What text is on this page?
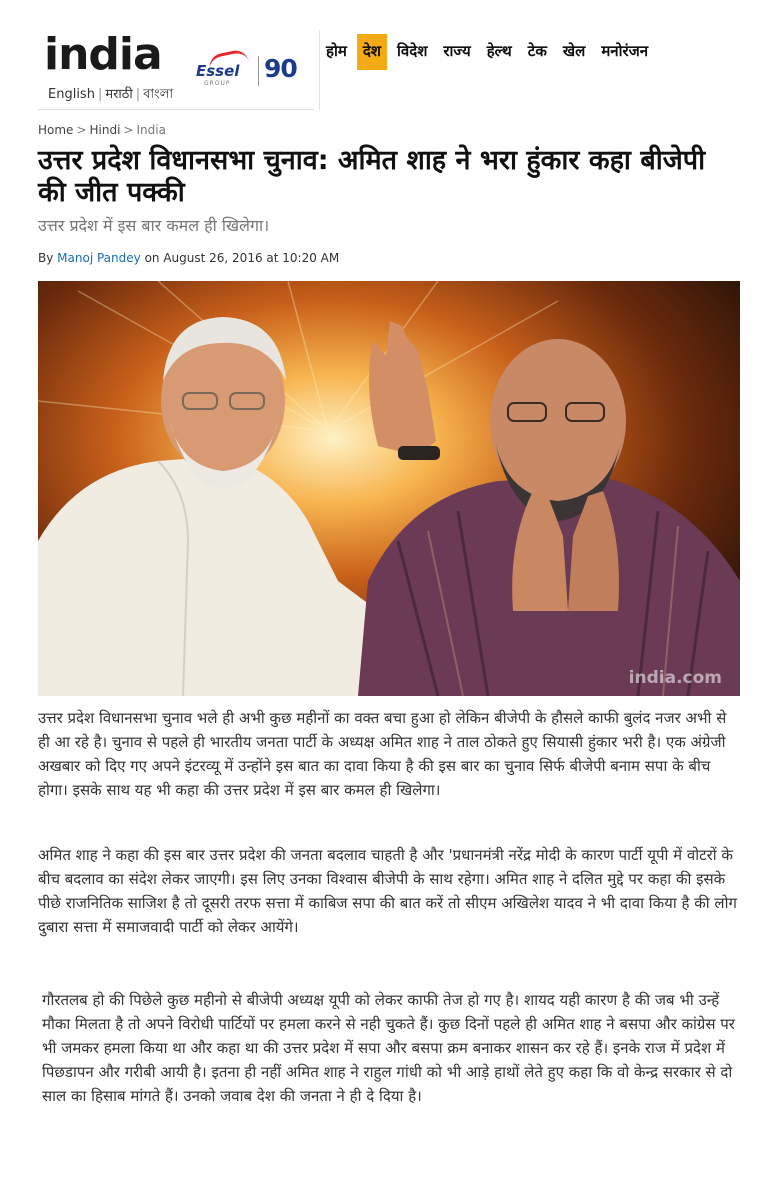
india
English | मराठी | বাংলা
Essel
GROUP
90
होम	देश	विदेश	राज्य	हेल्थ	टेक	खेल	मनोरंजन
Home > Hindi > India
उत्तर प्रदेश विधानसभा चुनाव: अमित शाह ने भरा हुंकार कहा बीजेपी की जीत पक्की
उत्तर प्रदेश में इस बार कमल ही खिलेगा।
By Manoj Pandey on August 26, 2016 at 10:20 AM
india.com

उत्तर प्रदेश विधानसभा चुनाव भले ही अभी कुछ महीनों का वक्त बचा हुआ हो लेकिन बीजेपी के हौसले काफी बुलंद नजर अभी से ही आ रहे है। चुनाव से पहले ही भारतीय जनता पार्टी के अध्यक्ष अमित शाह ने ताल ठोकते हुए सियासी हुंकार भरी है। एक अंग्रेजी अखबार को दिए गए अपने इंटरव्यू में उन्होंने इस बात का दावा किया है की इस बार का चुनाव सिर्फ बीजेपी बनाम सपा के बीच होगा। इसके साथ यह भी कहा की उत्तर प्रदेश में इस बार कमल ही खिलेगा।

अमित शाह ने कहा की इस बार उत्तर प्रदेश की जनता बदलाव चाहती है और 'प्रधानमंत्री नरेंद्र मोदी के कारण पार्टी यूपी में वोटरों के बीच बदलाव का संदेश लेकर जाएगी। इस लिए उनका विश्वास बीजेपी के साथ रहेगा। अमित शाह ने दलित मुद्दे पर कहा की इसके पीछे राजनितिक साजिश है तो दूसरी तरफ सत्ता में काबिज सपा की बात करें तो सीएम अखिलेश यादव ने भी दावा किया है की लोग दुबारा सत्ता में समाजवादी पार्टी को लेकर आयेंगे।

गौरतलब हो की पिछेले कुछ महीनो से बीजेपी अध्यक्ष यूपी को लेकर काफी तेज हो गए है। शायद यही कारण है की जब भी उन्हें मौका मिलता है तो अपने विरोधी पार्टियों पर हमला करने से नही चुकते हैं। कुछ दिनों पहले ही अमित शाह ने बसपा और कांग्रेस पर भी जमकर हमला किया था और कहा था की उत्तर प्रदेश में सपा और बसपा क्रम बनाकर शासन कर रहे हैं। इनके राज में प्रदेश में पिछडापन और गरीबी आयी है। इतना ही नहीं अमित शाह ने राहुल गांधी को भी आड़े हाथों लेते हुए कहा कि वो केन्द्र सरकार से दो साल का हिसाब मांगते हैं। उनको जवाब देश की जनता ने ही दे दिया है।
